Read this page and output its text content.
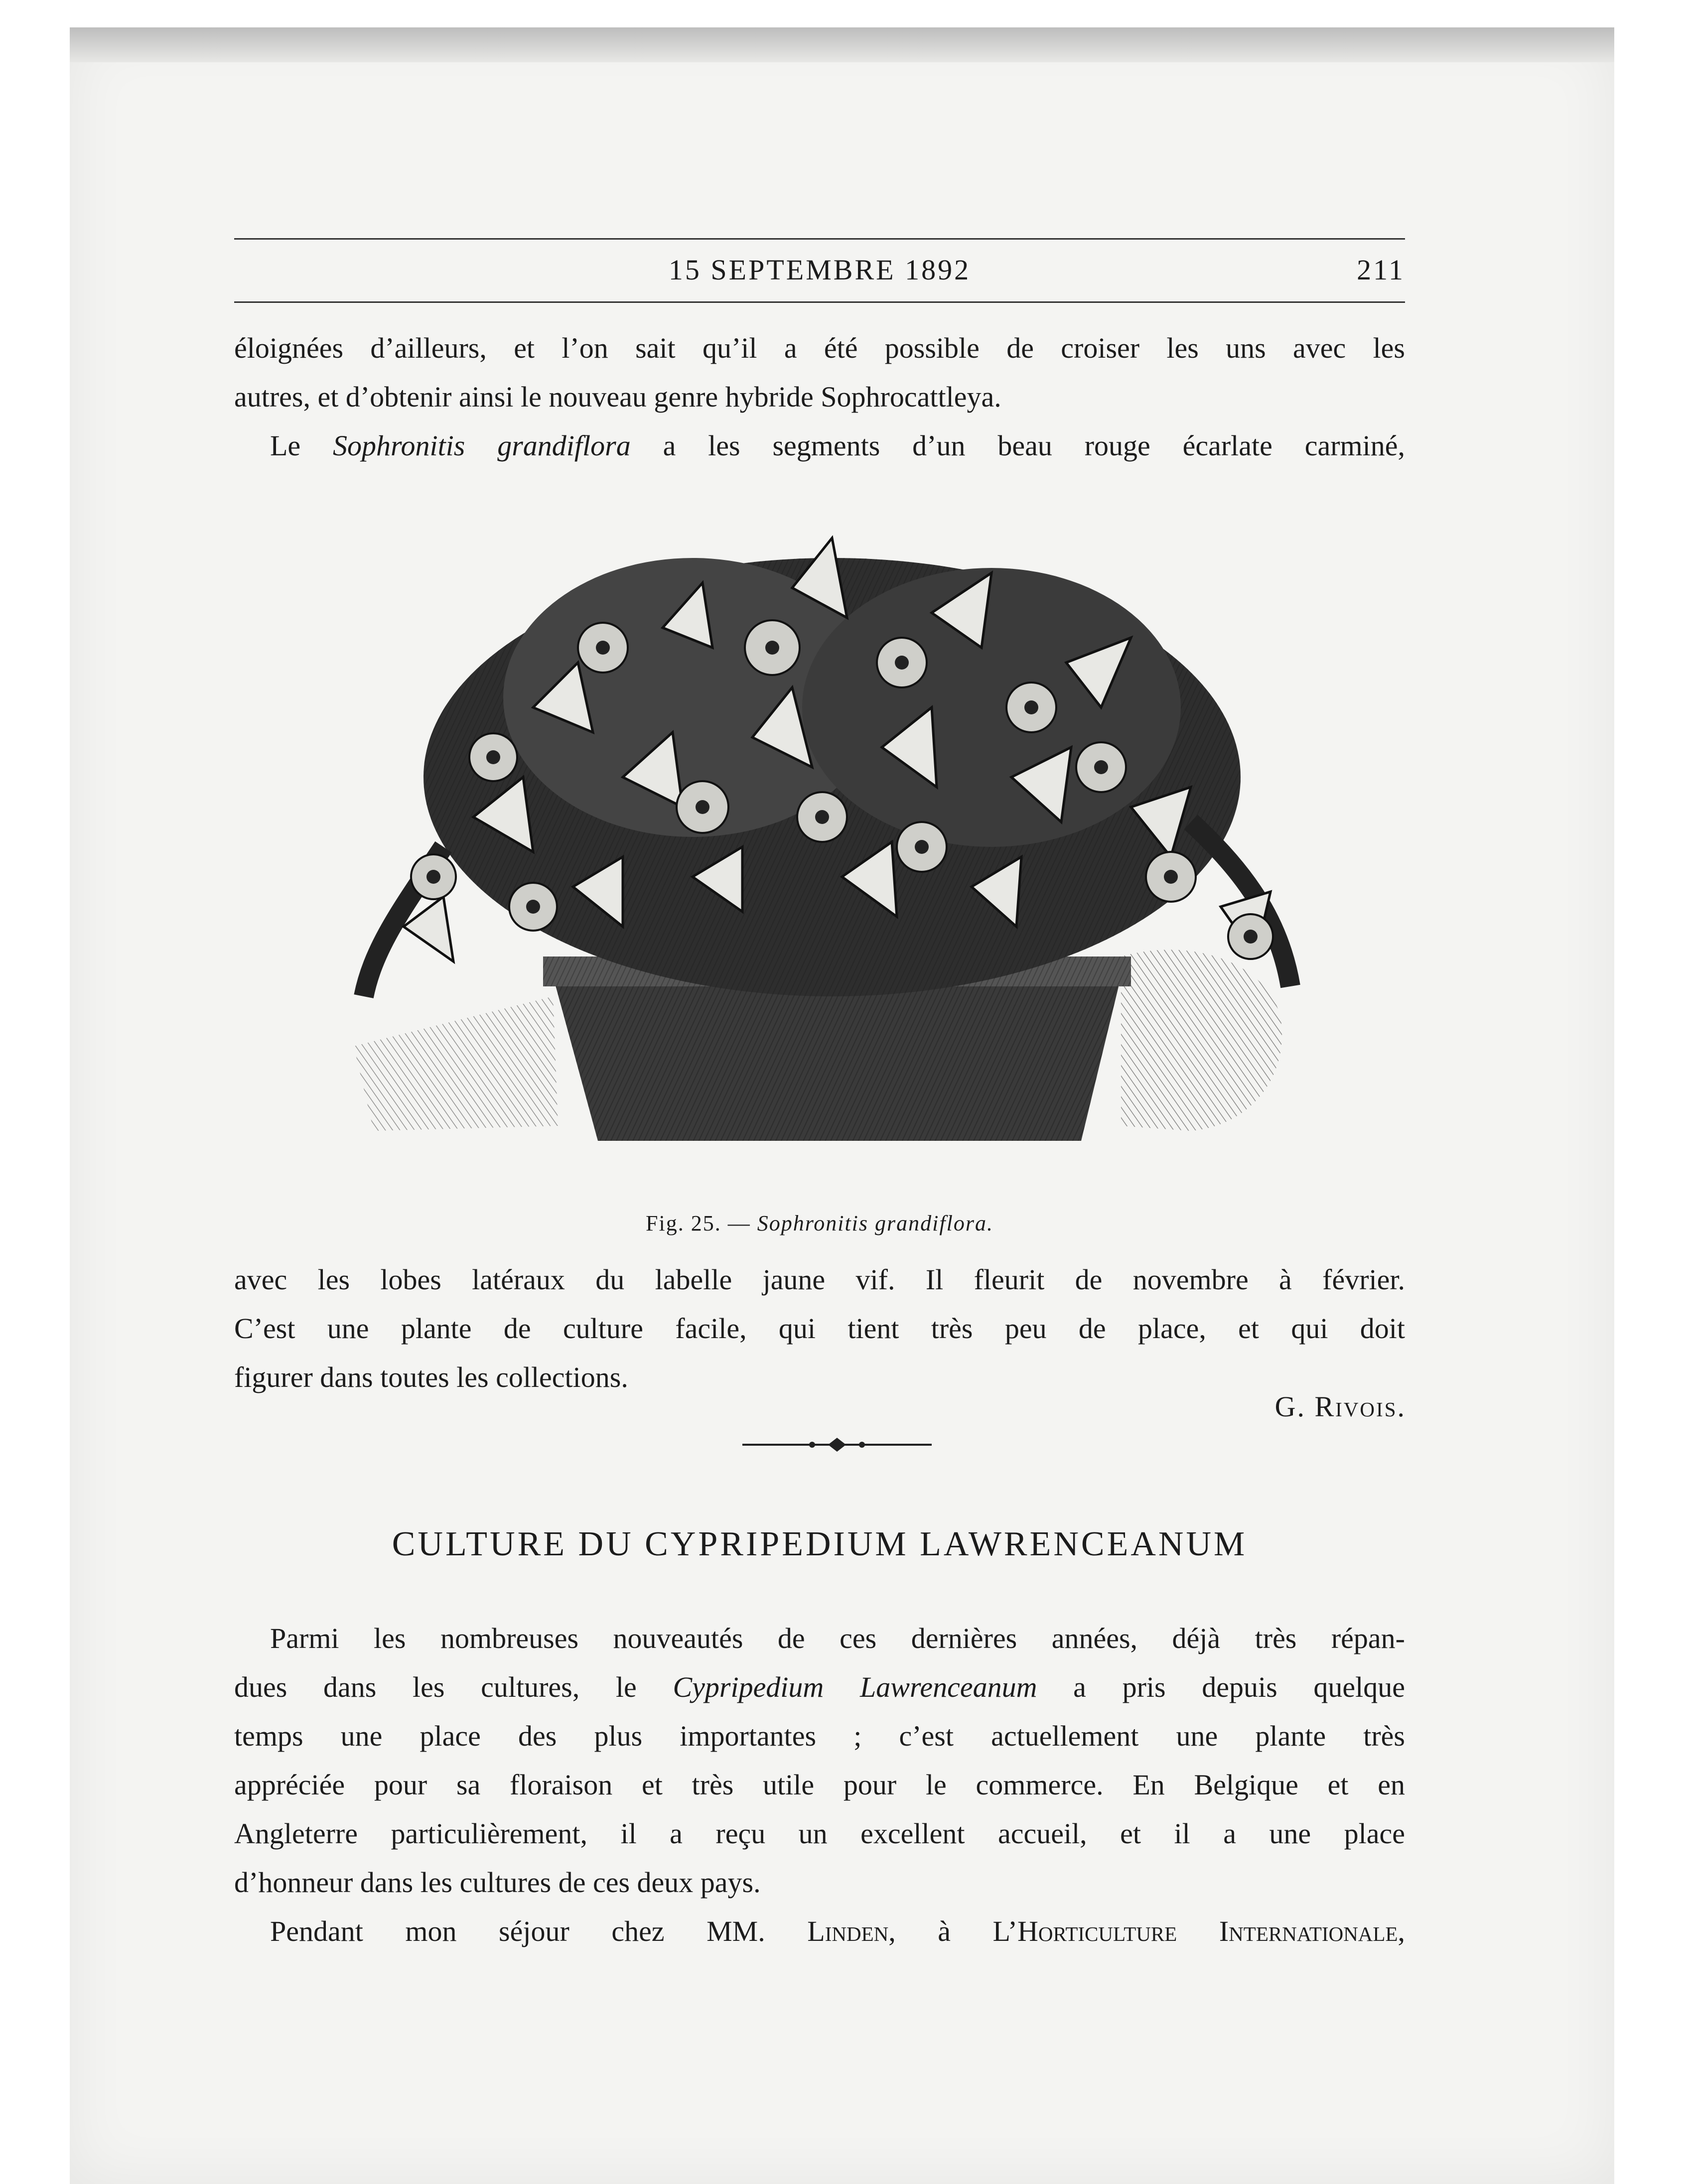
15 SEPTEMBRE 1892	211
éloignées d’ailleurs, et l’on sait qu’il a été possible de croiser les uns avec les
autres, et d’obtenir ainsi le nouveau genre hybride Sophrocattleya.
Le Sophronitis grandiflora a les segments d’un beau rouge écarlate carminé,
Fig. 25. — Sophronitis grandiflora.
avec les lobes latéraux du labelle jaune vif. Il fleurit de novembre à février.
C’est une plante de culture facile, qui tient très peu de place, et qui doit
figurer dans toutes les collections.
G. Rivois.
CULTURE DU CYPRIPEDIUM LAWRENCEANUM
Parmi les nombreuses nouveautés de ces dernières années, déjà très répan-
dues dans les cultures, le Cypripedium Lawrenceanum a pris depuis quelque
temps une place des plus importantes ; c’est actuellement une plante très
appréciée pour sa floraison et très utile pour le commerce. En Belgique et en
Angleterre particulièrement, il a reçu un excellent accueil, et il a une place
d’honneur dans les cultures de ces deux pays.
Pendant mon séjour chez MM. Linden, à L’Horticulture Internationale,
